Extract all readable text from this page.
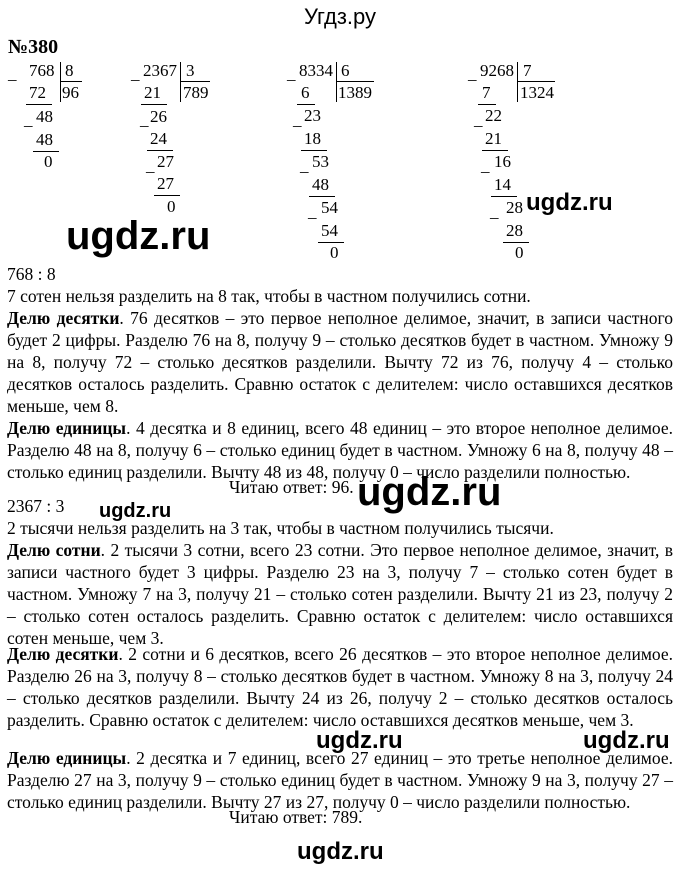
Угдз.ру
№380
_ 768 8
96
72
_ 48
48
0
_ 2367 3
789
21
_ 26
24
_ 27
27
0
_ 8334 6
1389
6
_ 23
18
_ 53
48
_ 54
54
0
_ 9268 7
1324
7
_ 22
21
_ 16
14
_ 28
28
0
ugdz.ru
ugdz.ru
ugdz.ru
ugdz.ru
ugdz.ru	ugdz.ru
ugdz.ru
768 : 8
7 сотен нельзя разделить на 8 так, чтобы в частном получились сотни.
Делю десятки. 76 десятков – это первое неполное делимое, значит, в записи частного будет 2 цифры. Разделю 76 на 8, получу 9 – столько десятков будет в частном. Умножу 9 на 8, получу 72 – столько десятков разделили. Вычту 72 из 76, получу 4 – столько десятков осталось разделить. Сравню остаток с делителем: число оставшихся десятков меньше, чем 8.
Делю единицы. 4 десятка и 8 единиц, всего 48 единиц – это второе неполное делимое. Разделю 48 на 8, получу 6 – столько единиц будет в частном. Умножу 6 на 8, получу 48 – столько единиц разделили. Вычту 48 из 48, получу 0 – число разделили полностью.
Читаю ответ: 96.
2367 : 3
2 тысячи нельзя разделить на 3 так, чтобы в частном получились тысячи.
Делю сотни. 2 тысячи 3 сотни, всего 23 сотни. Это первое неполное делимое, значит, в записи частного будет 3 цифры. Разделю 23 на 3, получу 7 – столько сотен будет в частном. Умножу 7 на 3, получу 21 – столько сотен разделили. Вычту 21 из 23, получу 2 – столько сотен осталось разделить. Сравню остаток с делителем: число оставшихся сотен меньше, чем 3.
Делю десятки. 2 сотни и 6 десятков, всего 26 десятков – это второе неполное делимое. Разделю 26 на 3, получу 8 – столько десятков будет в частном. Умножу 8 на 3, получу 24 – столько десятков разделили. Вычту 24 из 26, получу 2 – столько десятков осталось разделить. Сравню остаток с делителем: число оставшихся десятков меньше, чем 3.
Делю единицы. 2 десятка и 7 единиц, всего 27 единиц – это третье неполное делимое. Разделю 27 на 3, получу 9 – столько единиц будет в частном. Умножу 9 на 3, получу 27 – столько единиц разделили. Вычту 27 из 27, получу 0 – число разделили полностью.
Читаю ответ: 789.
